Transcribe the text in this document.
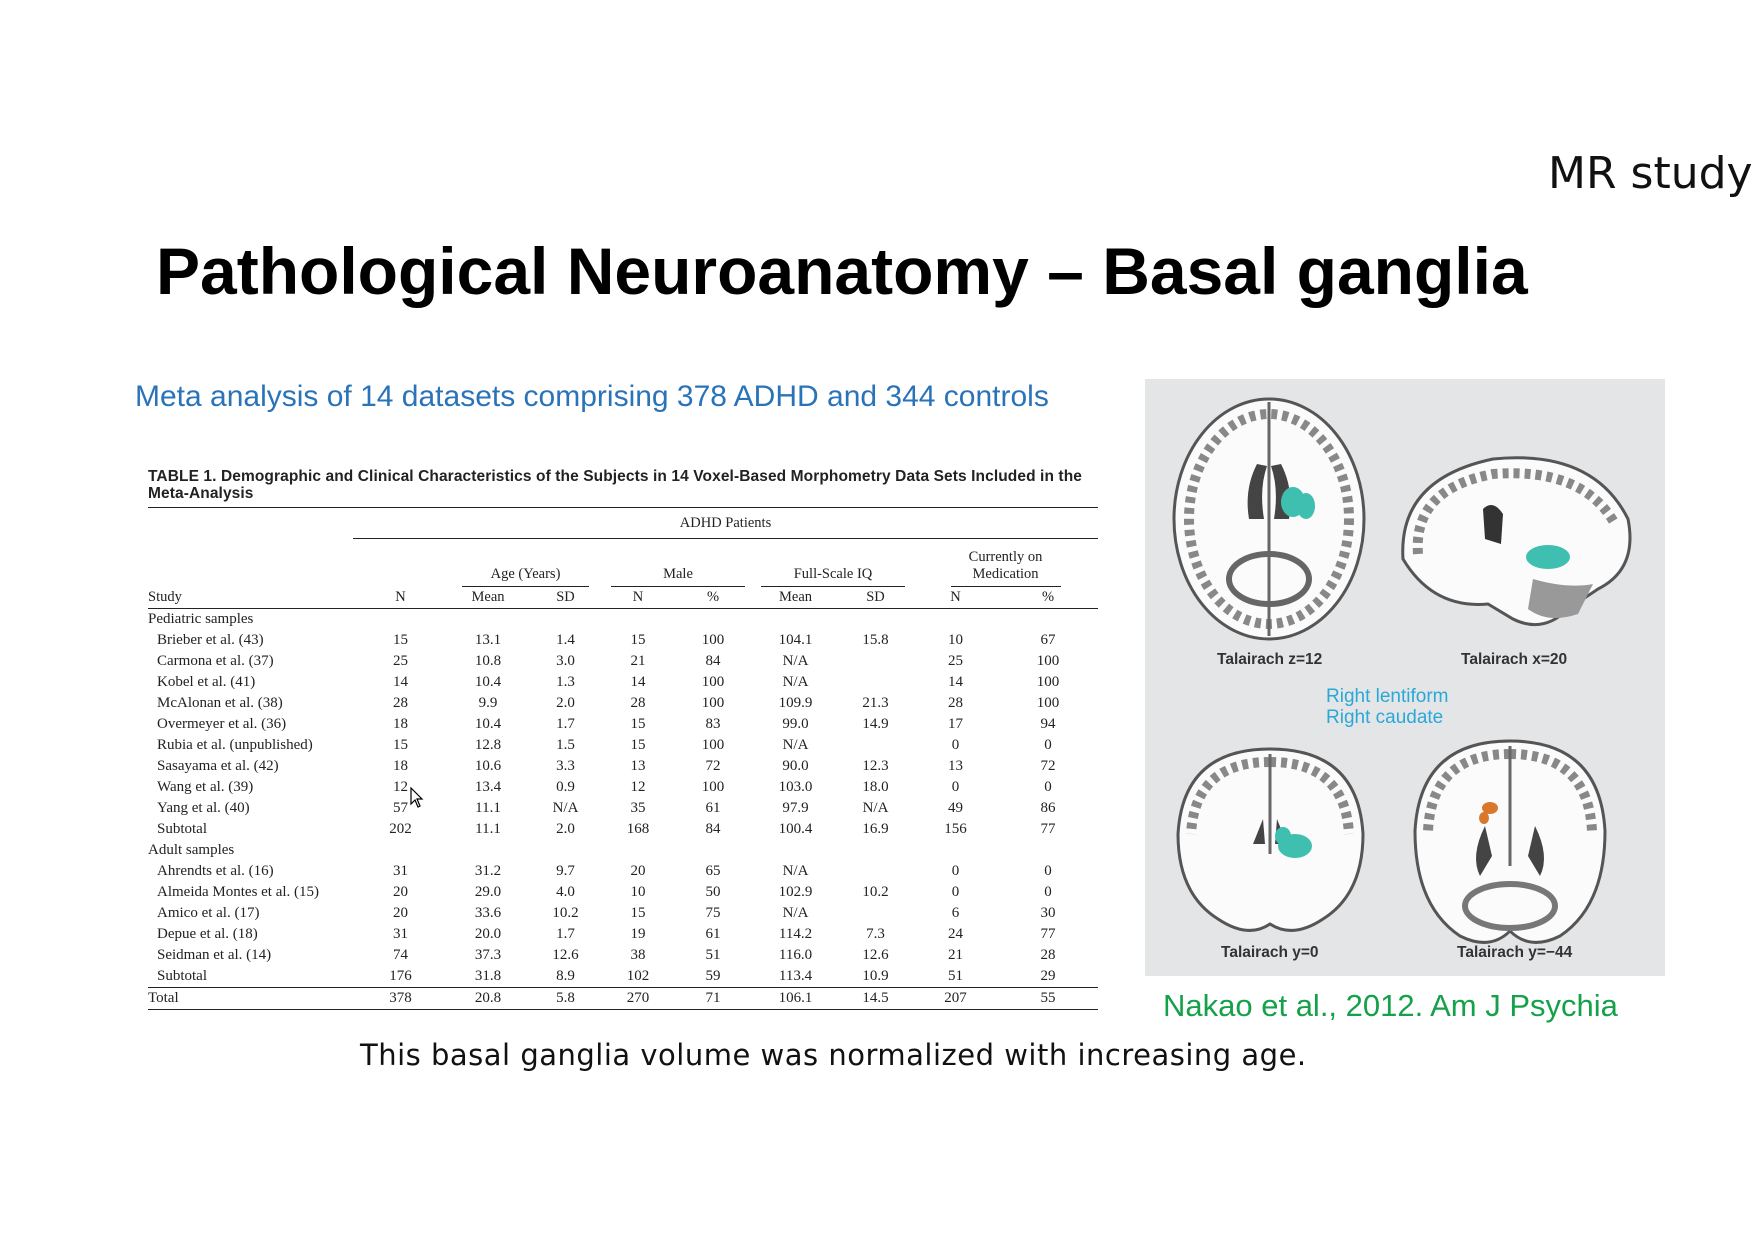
MR study
Pathological Neuroanatomy – Basal ganglia
Meta analysis of 14 datasets comprising 378 ADHD and 344 controls
TABLE 1. Demographic and Clinical Characteristics of the Subjects in 14 Voxel-Based Morphometry Data Sets Included in the Meta-Analysis
	ADHD Patients								

		Age (Years)		Male		Full-Scale IQ		Currently on Medication	

Study	N	Mean	SD	N	%	Mean	SD	N	%
Pediatric samples									
Brieber et al. (43)	15	13.1	1.4	15	100	104.1	15.8	10	67
Carmona et al. (37)	25	10.8	3.0	21	84	N/A		25	100
Kobel et al. (41)	14	10.4	1.3	14	100	N/A		14	100
McAlonan et al. (38)	28	9.9	2.0	28	100	109.9	21.3	28	100
Overmeyer et al. (36)	18	10.4	1.7	15	83	99.0	14.9	17	94
Rubia et al. (unpublished)	15	12.8	1.5	15	100	N/A		0	0
Sasayama et al. (42)	18	10.6	3.3	13	72	90.0	12.3	13	72
Wang et al. (39)	12	13.4	0.9	12	100	103.0	18.0	0	0
Yang et al. (40)	57	11.1	N/A	35	61	97.9	N/A	49	86
Subtotal	202	11.1	2.0	168	84	100.4	16.9	156	77
Adult samples									
Ahrendts et al. (16)	31	31.2	9.7	20	65	N/A		0	0
Almeida Montes et al. (15)	20	29.0	4.0	10	50	102.9	10.2	0	0
Amico et al. (17)	20	33.6	10.2	15	75	N/A		6	30
Depue et al. (18)	31	20.0	1.7	19	61	114.2	7.3	24	77
Seidman et al. (14)	74	37.3	12.6	38	51	116.0	12.6	21	28
Subtotal	176	31.8	8.9	102	59	113.4	10.9	51	29
Total	378	20.8	5.8	270	71	106.1	14.5	207	55
This basal ganglia volume was normalized with increasing age.
Talairach z=12	Talairach x=20
Right lentiform
Right caudate
Talairach y=0	Talairach y=−44
Nakao et al., 2012. Am J Psychia
